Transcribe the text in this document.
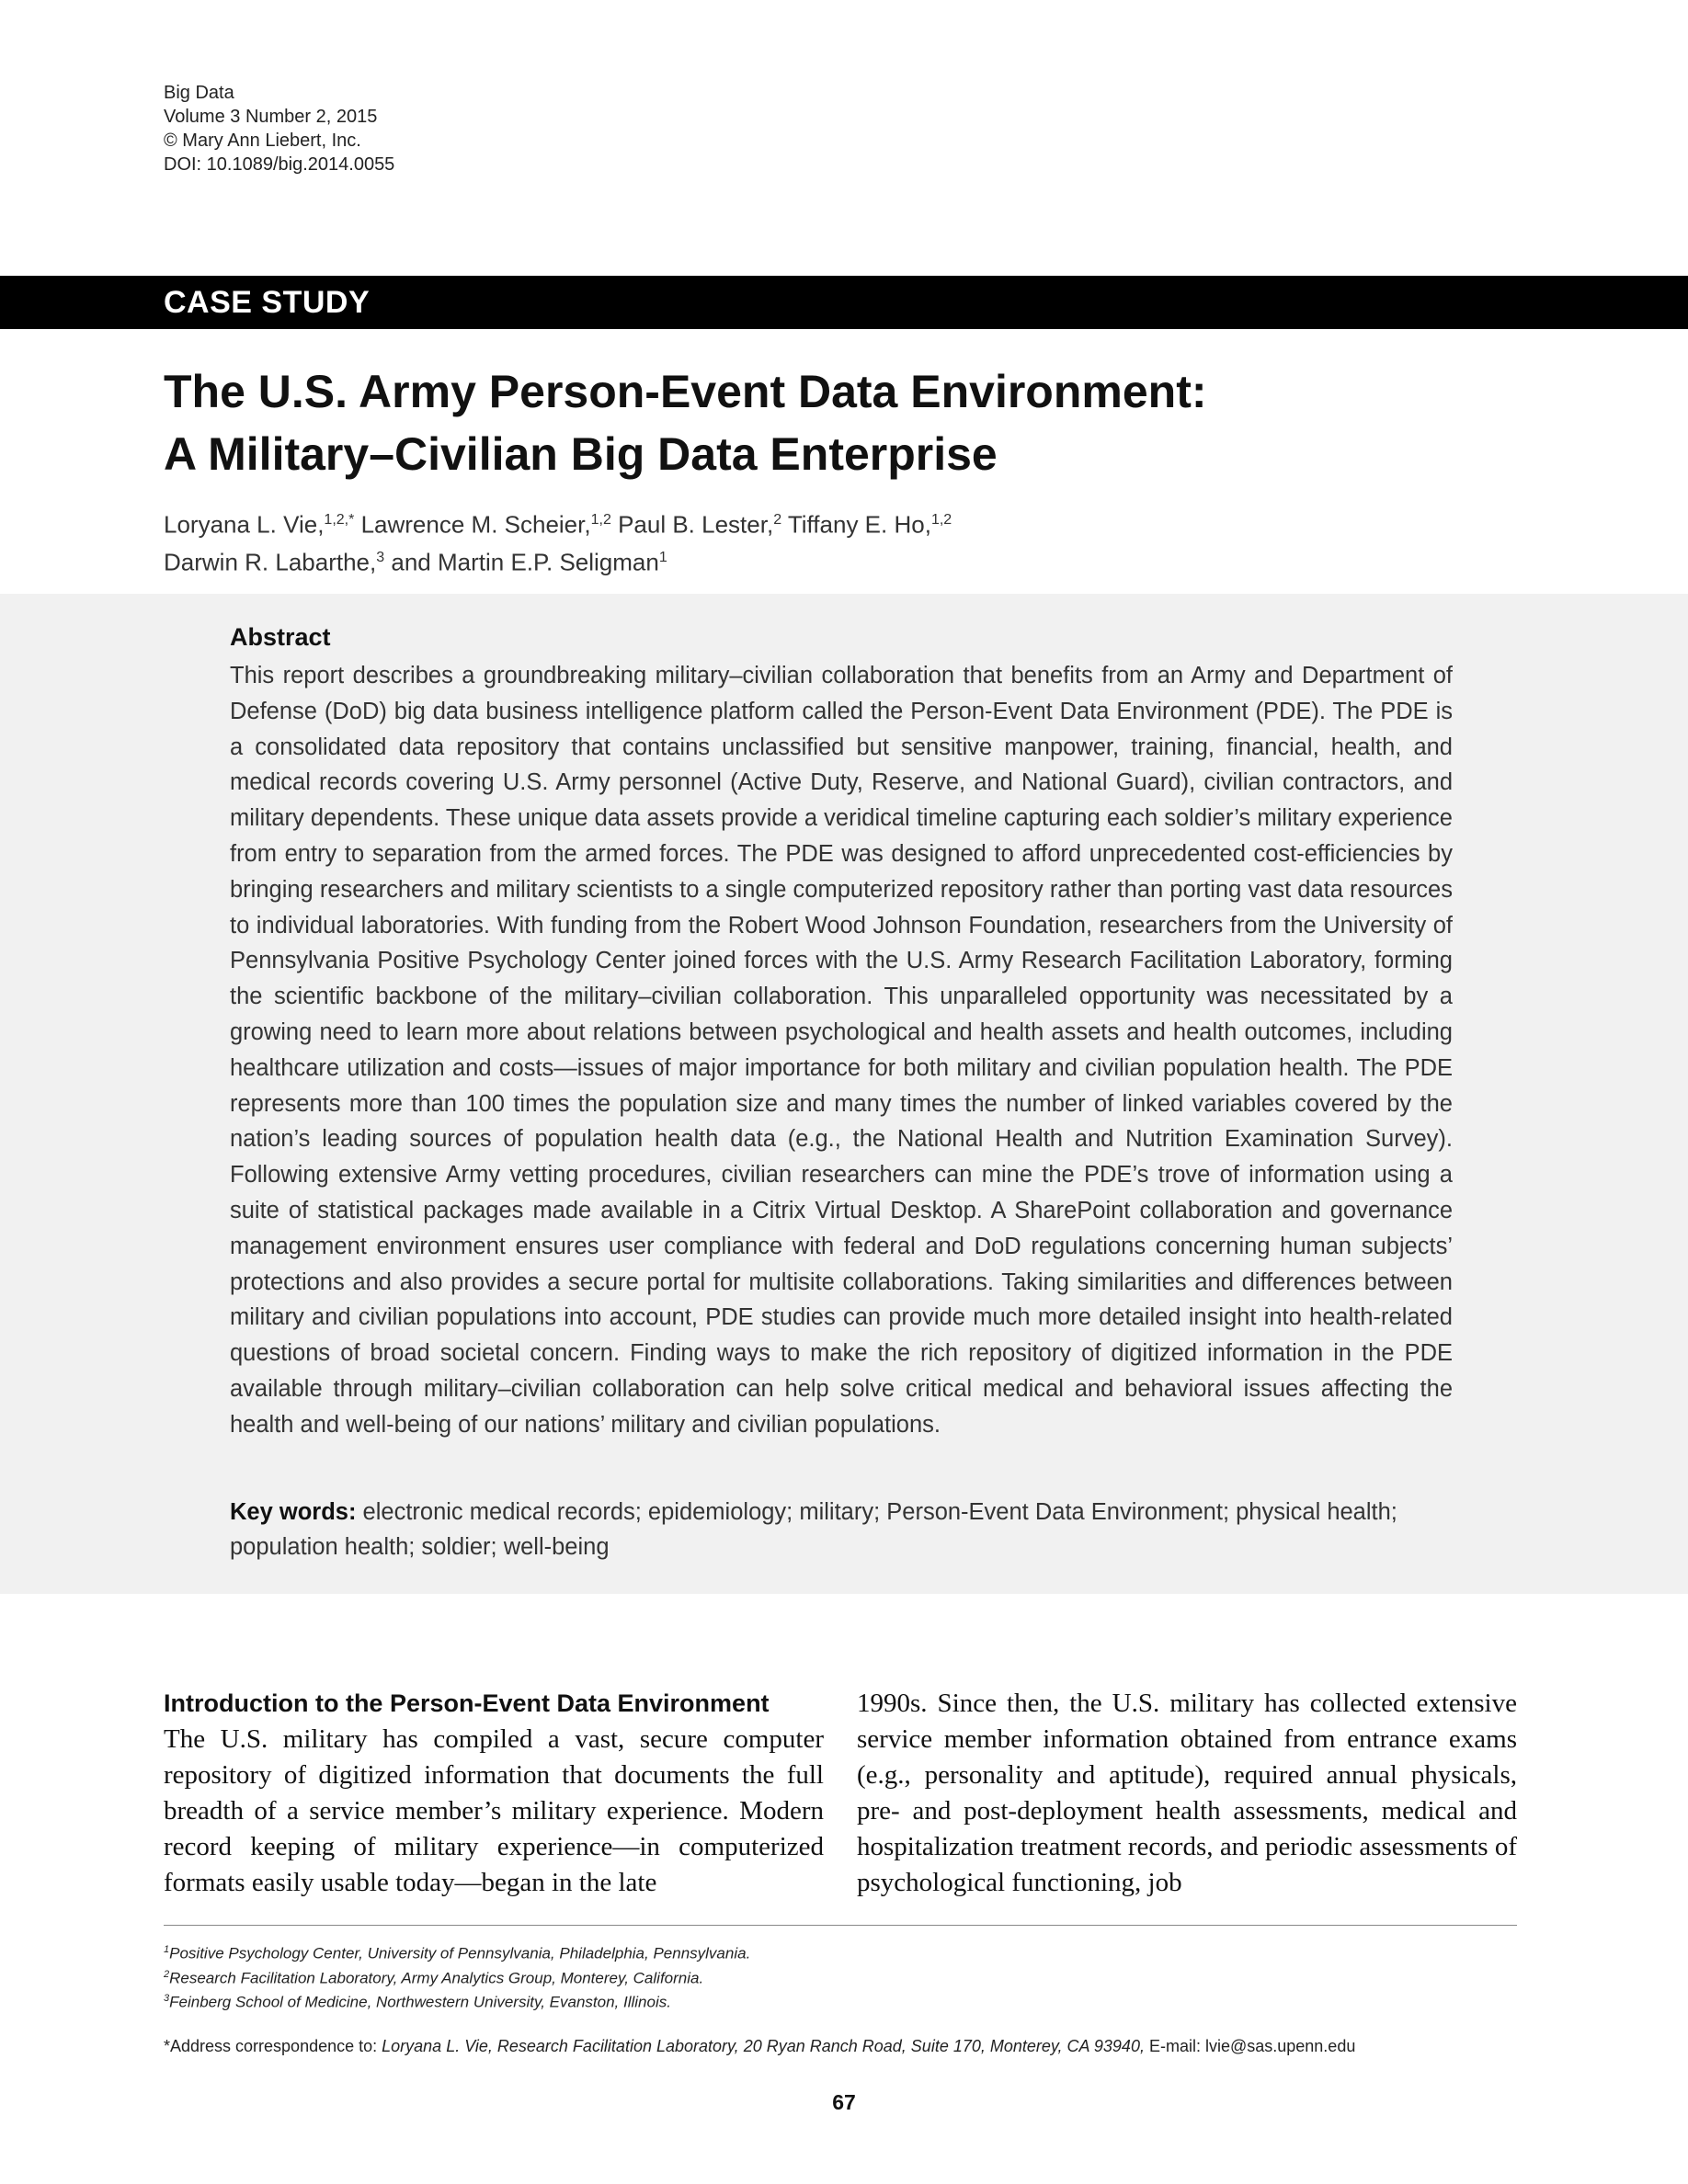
Big Data
Volume 3 Number 2, 2015
© Mary Ann Liebert, Inc.
DOI: 10.1089/big.2014.0055
CASE STUDY
The U.S. Army Person-Event Data Environment:
A Military–Civilian Big Data Enterprise
Loryana L. Vie,$^{1,2,*}$ Lawrence M. Scheier,$^{1,2}$ Paul B. Lester,$^2$ Tiffany E. Ho,$^{1,2}$
Darwin R. Labarthe,$^3$ and Martin E.P. Seligman$^1$
Abstract

This report describes a groundbreaking military–civilian collaboration that benefits from an Army and Department of Defense (DoD) big data business intelligence platform called the Person-Event Data Environment (PDE). The PDE is a consolidated data repository that contains unclassified but sensitive manpower, training, financial, health, and medical records covering U.S. Army personnel (Active Duty, Reserve, and National Guard), civilian contractors, and military dependents. These unique data assets provide a veridical timeline capturing each soldier’s military experience from entry to separation from the armed forces. The PDE was designed to afford unprecedented cost-efficiencies by bringing researchers and military scientists to a single computerized repository rather than porting vast data resources to individual laboratories. With funding from the Robert Wood Johnson Foundation, researchers from the University of Pennsylvania Positive Psychology Center joined forces with the U.S. Army Research Facilitation Laboratory, forming the scientific backbone of the military–civilian collaboration. This unparalleled opportunity was necessitated by a growing need to learn more about relations between psychological and health assets and health outcomes, including healthcare utilization and costs—issues of major importance for both military and civilian population health. The PDE represents more than 100 times the population size and many times the number of linked variables covered by the nation’s leading sources of population health data (e.g., the National Health and Nutrition Examination Survey). Following extensive Army vetting procedures, civilian researchers can mine the PDE’s trove of information using a suite of statistical packages made available in a Citrix Virtual Desktop. A SharePoint collaboration and governance management environment ensures user compliance with federal and DoD regulations concerning human subjects’ protections and also provides a secure portal for multisite collaborations. Taking similarities and differences between military and civilian populations into account, PDE studies can provide much more detailed insight into health-related questions of broad societal concern. Finding ways to make the rich repository of digitized information in the PDE available through military–civilian collaboration can help solve critical medical and behavioral issues affecting the health and well-being of our nations’ military and civilian populations.

Key words: electronic medical records; epidemiology; military; Person-Event Data Environment; physical health; population health; soldier; well-being

Introduction to the Person-Event Data Environment

The U.S. military has compiled a vast, secure computer repository of digitized information that documents the full breadth of a service member’s military experience. Modern record keeping of military experience—in computerized formats easily usable today—began in the late

1990s. Since then, the U.S. military has collected extensive service member information obtained from entrance exams (e.g., personality and aptitude), required annual physicals, pre- and post-deployment health assessments, medical and hospitalization treatment records, and periodic assessments of psychological functioning, job

$^1$Positive Psychology Center, University of Pennsylvania, Philadelphia, Pennsylvania.
$^2$Research Facilitation Laboratory, Army Analytics Group, Monterey, California.
$^3$Feinberg School of Medicine, Northwestern University, Evanston, Illinois.
*Address correspondence to: Loryana L. Vie, Research Facilitation Laboratory, 20 Ryan Ranch Road, Suite 170, Monterey, CA 93940, E-mail: lvie@sas.upenn.edu
67
